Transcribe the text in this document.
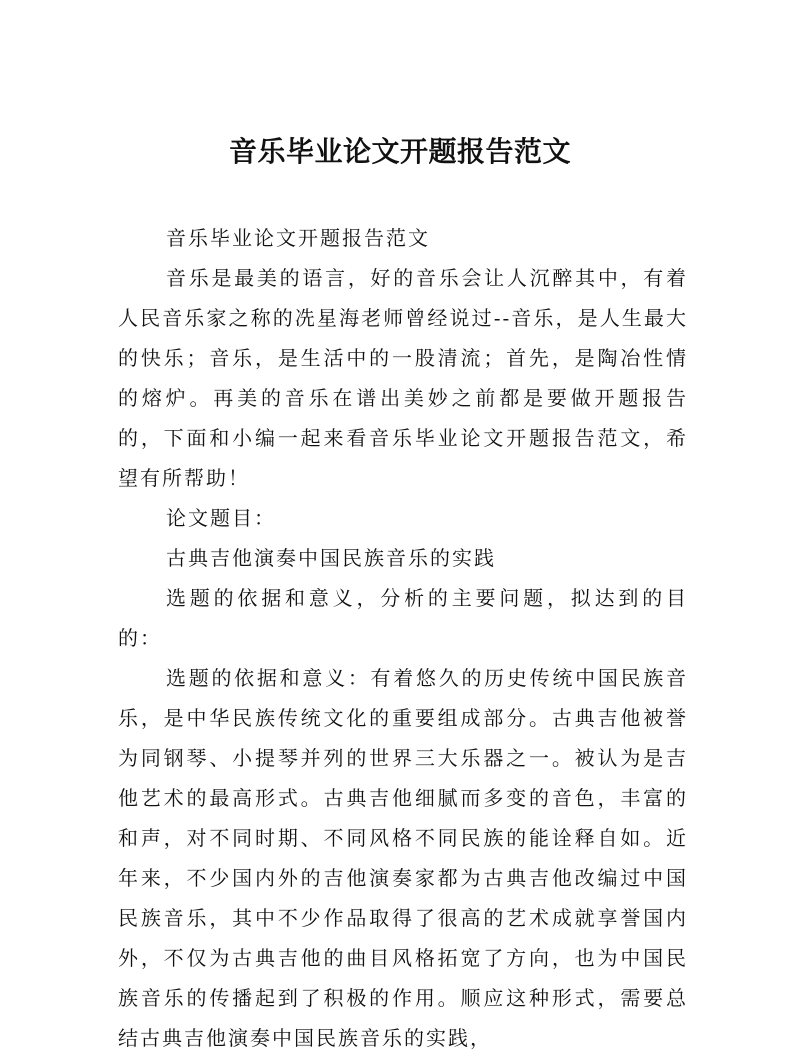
音乐毕业论文开题报告范文

音乐毕业论文开题报告范文

音乐是最美的语言，好的音乐会让人沉醉其中，有着人民音乐家之称的冼星海老师曾经说过--音乐，是人生最大的快乐；音乐，是生活中的一股清流；首先，是陶冶性情的熔炉。再美的音乐在谱出美妙之前都是要做开题报告的，下面和小编一起来看音乐毕业论文开题报告范文，希望有所帮助！

论文题目：

古典吉他演奏中国民族音乐的实践

选题的依据和意义，分析的主要问题，拟达到的目的：

选题的依据和意义：有着悠久的历史传统中国民族音乐，是中华民族传统文化的重要组成部分。古典吉他被誉为同钢琴、小提琴并列的世界三大乐器之一。被认为是吉他艺术的最高形式。古典吉他细腻而多变的音色，丰富的和声，对不同时期、不同风格不同民族的能诠释自如。近年来，不少国内外的吉他演奏家都为古典吉他改编过中国民族音乐，其中不少作品取得了很高的艺术成就享誉国内外，不仅为古典吉他的曲目风格拓宽了方向，也为中国民族音乐的传播起到了积极的作用。顺应这种形式，需要总结古典吉他演奏中国民族音乐的实践，
